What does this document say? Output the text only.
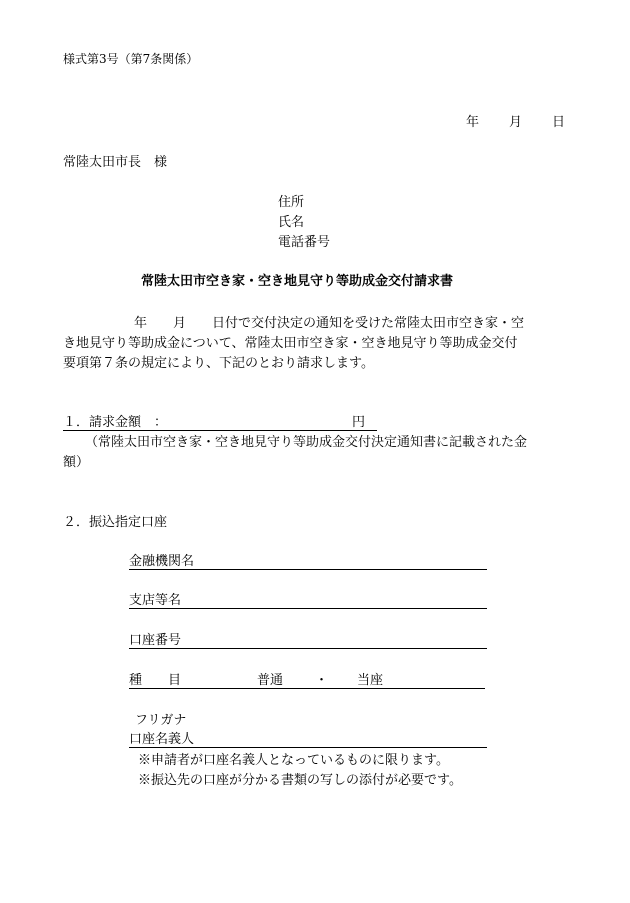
様式第3号（第7条関係）
年 月 日
常陸太田市長　様
住所
氏名
電話番号
常陸太田市空き家・空き地見守り等助成金交付請求書
年　　月　　日付で交付決定の通知を受けた常陸太田市空き家・空
き地見守り等助成金について、常陸太田市空き家・空き地見守り等助成金交付
要項第７条の規定により、下記のとおり請求します。
１．請求金額　：	円
（常陸太田市空き家・空き地見守り等助成金交付決定通知書に記載された金
額）
２．振込指定口座
金融機関名
支店等名
口座番号
種　　目	普通 ・ 当座
フリガナ
口座名義人
※申請者が口座名義人となっているものに限ります。
※振込先の口座が分かる書類の写しの添付が必要です。
